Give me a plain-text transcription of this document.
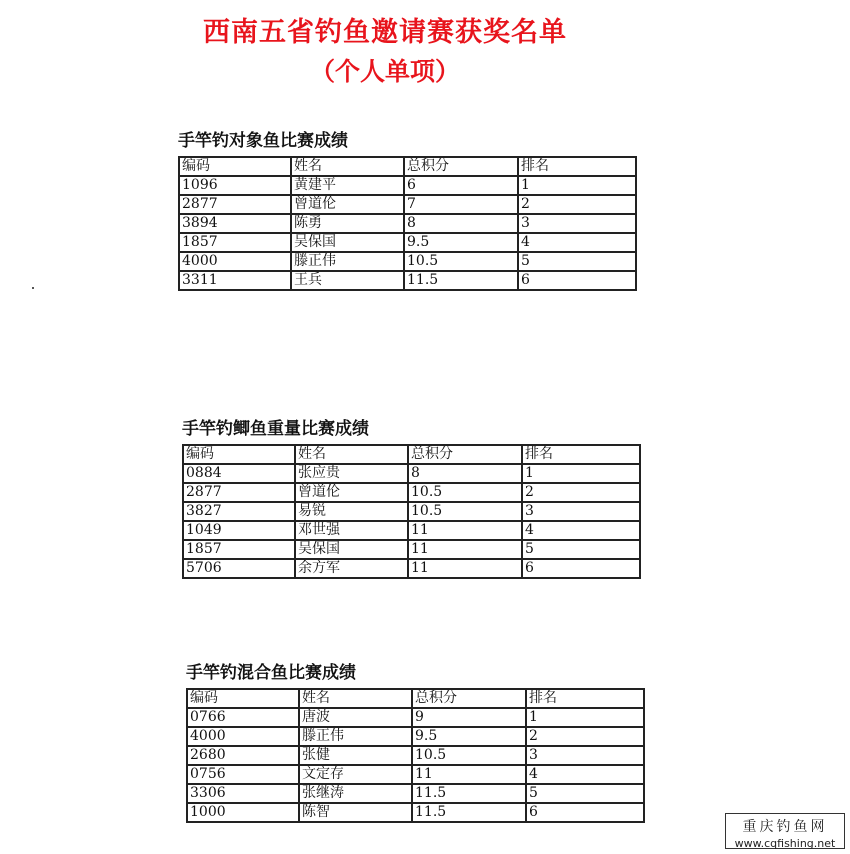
西南五省钓鱼邀请赛获奖名单
（个人单项）
手竿钓对象鱼比赛成绩
编码	姓名	总积分	排名
1096	黄建平	6	1
2877	曾道伦	7	2
3894	陈勇	8	3
1857	吴保国	9.5	4
4000	滕正伟	10.5	5
3311	王兵	11.5	6
手竿钓鲫鱼重量比赛成绩
编码	姓名	总积分	排名
0884	张应贵	8	1
2877	曾道伦	10.5	2
3827	易锐	10.5	3
1049	邓世强	11	4
1857	吴保国	11	5
5706	余方军	11	6
手竿钓混合鱼比赛成绩
编码	姓名	总积分	排名
0766	唐波	9	1
4000	滕正伟	9.5	2
2680	张健	10.5	3
0756	文定存	11	4
3306	张继涛	11.5	5
1000	陈智	11.5	6
重庆钓鱼网
www.cqfishing.net
